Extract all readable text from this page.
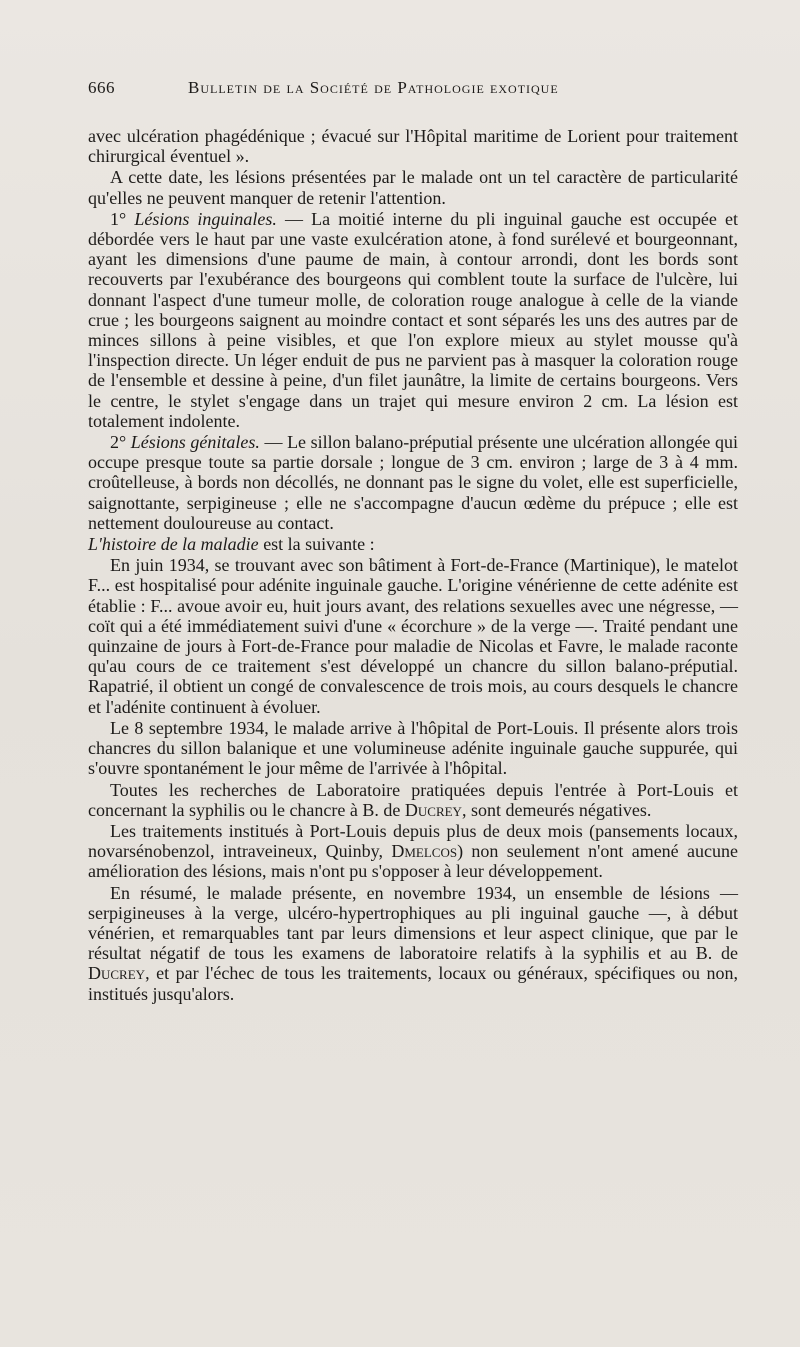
666	Bulletin de la Société de Pathologie exotique

avec ulcération phagédénique ; évacué sur l'Hôpital maritime de Lorient pour traitement chirurgical éventuel ».

A cette date, les lésions présentées par le malade ont un tel caractère de particularité qu'elles ne peuvent manquer de retenir l'attention.

1° Lésions inguinales. — La moitié interne du pli inguinal gauche est occupée et débordée vers le haut par une vaste exulcération atone, à fond surélevé et bourgeonnant, ayant les dimensions d'une paume de main, à contour arrondi, dont les bords sont recouverts par l'exubérance des bourgeons qui comblent toute la surface de l'ulcère, lui donnant l'aspect d'une tumeur molle, de coloration rouge analogue à celle de la viande crue ; les bourgeons saignent au moindre contact et sont séparés les uns des autres par de minces sillons à peine visibles, et que l'on explore mieux au stylet mousse qu'à l'inspection directe. Un léger enduit de pus ne parvient pas à masquer la coloration rouge de l'ensemble et dessine à peine, d'un filet jaunâtre, la limite de certains bourgeons. Vers le centre, le stylet s'engage dans un trajet qui mesure environ 2 cm. La lésion est totalement indolente.

2° Lésions génitales. — Le sillon balano-préputial présente une ulcération allongée qui occupe presque toute sa partie dorsale ; longue de 3 cm. environ ; large de 3 à 4 mm. croûtelleuse, à bords non décollés, ne donnant pas le signe du volet, elle est superficielle, saignottante, serpigineuse ; elle ne s'accompagne d'aucun œdème du prépuce ; elle est nettement douloureuse au contact.

L'histoire de la maladie est la suivante :

En juin 1934, se trouvant avec son bâtiment à Fort-de-France (Martinique), le matelot F... est hospitalisé pour adénite inguinale gauche. L'origine vénérienne de cette adénite est établie : F... avoue avoir eu, huit jours avant, des relations sexuelles avec une négresse, — coït qui a été immédiatement suivi d'une « écorchure » de la verge —. Traité pendant une quinzaine de jours à Fort-de-France pour maladie de Nicolas et Favre, le malade raconte qu'au cours de ce traitement s'est développé un chancre du sillon balano-préputial. Rapatrié, il obtient un congé de convalescence de trois mois, au cours desquels le chancre et l'adénite continuent à évoluer.

Le 8 septembre 1934, le malade arrive à l'hôpital de Port-Louis. Il présente alors trois chancres du sillon balanique et une volumineuse adénite inguinale gauche suppurée, qui s'ouvre spontanément le jour même de l'arrivée à l'hôpital.

Toutes les recherches de Laboratoire pratiquées depuis l'entrée à Port-Louis et concernant la syphilis ou le chancre à B. de Ducrey, sont demeurés négatives.

Les traitements institués à Port-Louis depuis plus de deux mois (pansements locaux, novarsénobenzol, intraveineux, Quinby, Dmelcos) non seulement n'ont amené aucune amélioration des lésions, mais n'ont pu s'opposer à leur développement.

En résumé, le malade présente, en novembre 1934, un ensemble de lésions — serpigineuses à la verge, ulcéro-hypertrophiques au pli inguinal gauche —, à début vénérien, et remarquables tant par leurs dimensions et leur aspect clinique, que par le résultat négatif de tous les examens de laboratoire relatifs à la syphilis et au B. de Ducrey, et par l'échec de tous les traitements, locaux ou généraux, spécifiques ou non, institués jusqu'alors.
